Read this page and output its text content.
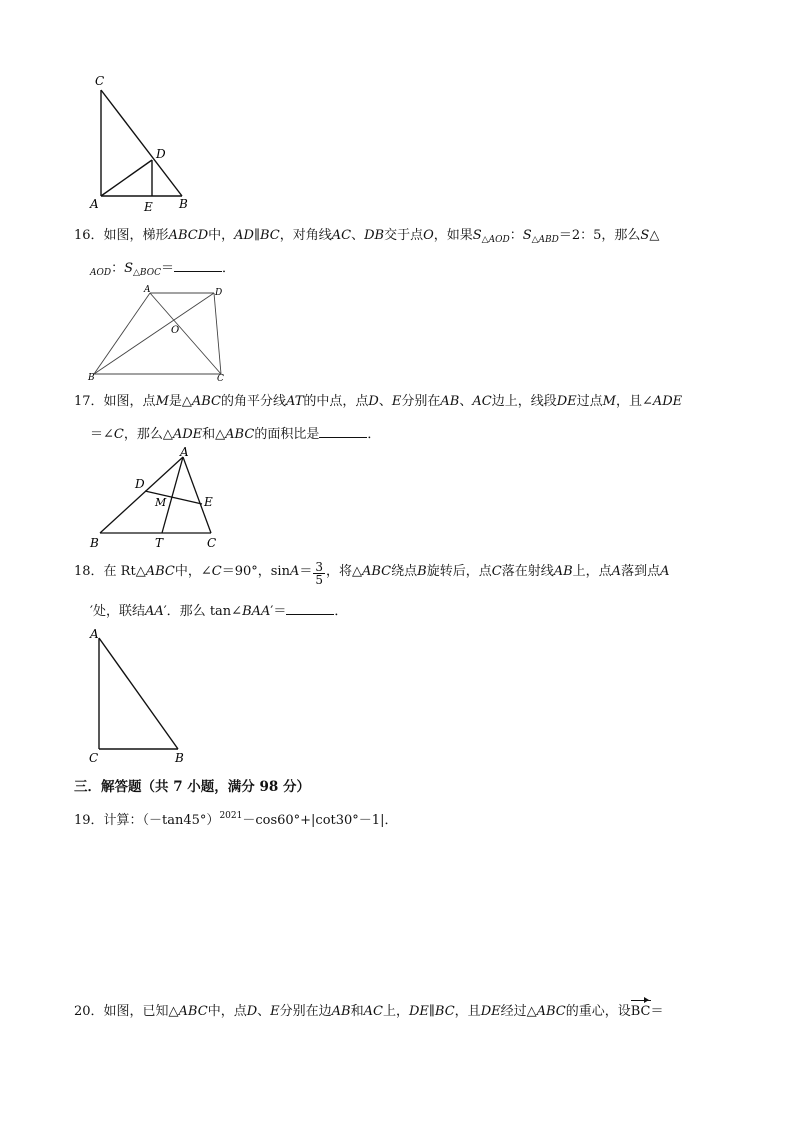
C
D
A	E B
16．如图，梯形ABCD中，AD∥BC，对角线AC、DB交于点O，如果$S_{\triangle AOD}$：$S_{\triangle ABD}=2$：5，那么S△
$_{AOD}$：$S_{\triangle BOC}=$	．
A	D
O
B	C
17．如图，点M是△ABC的角平分线AT的中点，点D、E分别在AB、AC边上，线段DE过点M，且∠ADE
＝∠C，那么△ADE和△ABC的面积比是	．
A
D
M	E
B	T	C
18．在 Rt△ABC中，∠C＝90°，$\sin A= \frac{3}{5}$ ，将△ABC绕点B旋转后，点C落在射线AB上，点A落到点A
′处，联结AA′．那么 tan∠BAA′＝	．
A
C	B
三．解答题（共 7 小题，满分 98 分）
19．计算：$(-\tan 45^\circ)^{2021}-\cos 60^\circ+|\cot 30^\circ-1|$．
20．如图，已知△ABC中，点D、E分别在边AB和AC上，DE∥BC，且DE经过△ABC的重心，设BC＝
